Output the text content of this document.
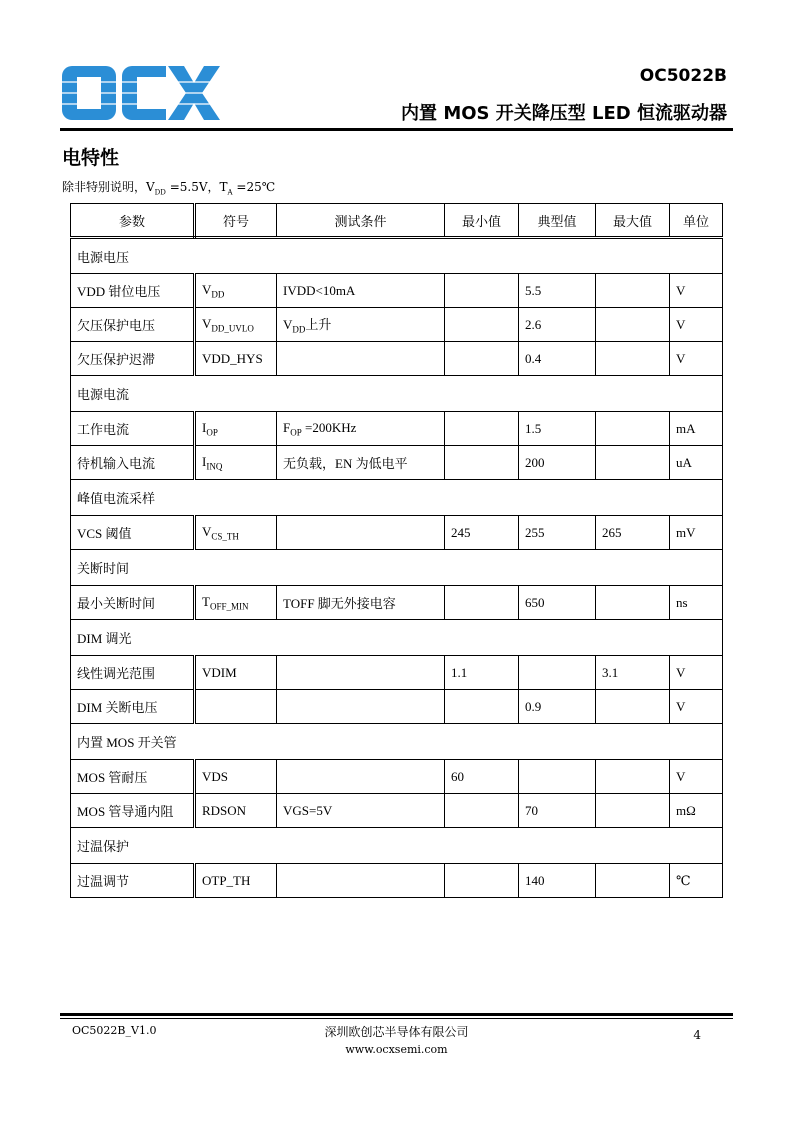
OC5022B
内置 MOS 开关降压型 LED 恒流驱动器
电特性
除非特别说明，$V_{DD} =5.5V$，$T_A$ =25℃
参数	符号	测试条件	最小值	典型值	最大值	单位
电源电压						
VDD 钳位电压	$V_{DD}$	IVDD<10mA		5.5		V
欠压保护电压	$V_{DD\_UVLO}$	$V_{DD}$上升		2.6		V
欠压保护迟滞	VDD_HYS			0.4		V
电源电流						
工作电流	$I_{OP}$	$F_{OP} =200KHz$		1.5		mA
待机输入电流	$I_{INQ}$	无负载，EN 为低电平		200		uA
峰值电流采样						
VCS 阈值	$V_{CS\_TH}$		245	255	265	mV
关断时间						
最小关断时间	$T_{OFF\_MIN}$	TOFF 脚无外接电容		650		ns
DIM 调光						
线性调光范围	VDIM		1.1		3.1	V
DIM 关断电压				0.9		V
内置 MOS 开关管						
MOS 管耐压	VDS		60			V
MOS 管导通内阻	RDSON	VGS=5V		70		mΩ
过温保护						
过温调节	OTP_TH			140		℃
OC5022B_V1.0	深圳欧创芯半导体有限公司
www.ocxsemi.com
4
